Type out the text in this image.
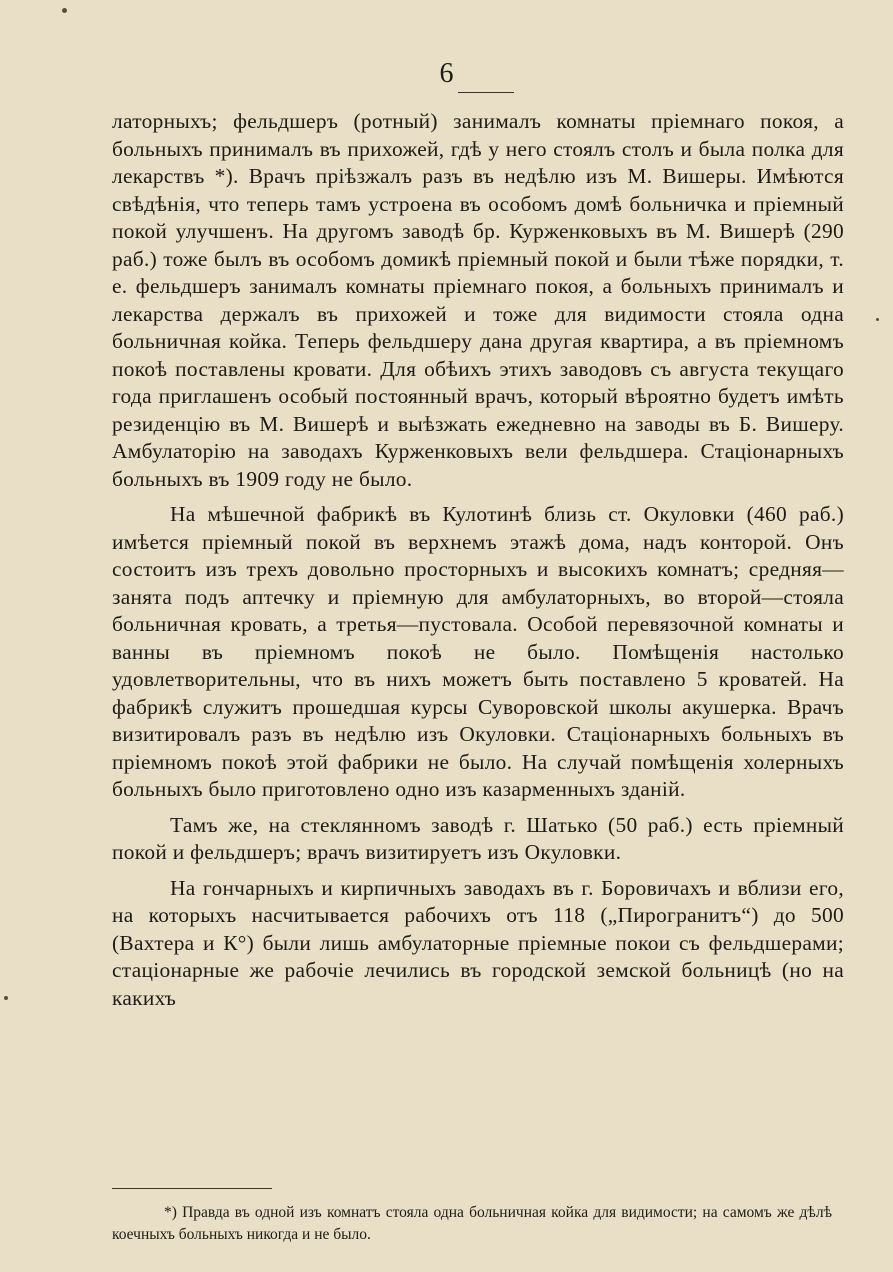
6

латорныхъ; фельдшеръ (ротный) занималъ комнаты пріемнаго покоя, а больныхъ принималъ въ прихожей, гдѣ у него стоялъ столъ и была полка для лекарствъ *). Врачъ пріѣзжалъ разъ въ недѣлю изъ М. Вишеры. Имѣются свѣдѣнія, что теперь тамъ устроена въ особомъ домѣ больничка и пріемный покой улучшенъ. На другомъ заводѣ бр. Курженковыхъ въ М. Вишерѣ (290 раб.) тоже былъ въ особомъ домикѣ пріемный покой и были тѣже порядки, т. е. фельдшеръ занималъ комнаты пріемнаго покоя, а больныхъ принималъ и лекарства держалъ въ прихожей и тоже для видимости стояла одна больничная койка. Теперь фельдшеру дана другая квартира, а въ пріемномъ покоѣ поставлены кровати. Для обѣихъ этихъ заводовъ съ августа текущаго года приглашенъ особый постоянный врачъ, который вѣроятно будетъ имѣть резиденцію въ М. Вишерѣ и выѣзжать ежедневно на заводы въ Б. Вишеру. Амбулаторію на заводахъ Курженковыхъ вели фельдшера. Стаціонарныхъ больныхъ въ 1909 году не было.

На мѣшечной фабрикѣ въ Кулотинѣ близь ст. Окуловки (460 раб.) имѣется пріемный покой въ верхнемъ этажѣ дома, надъ конторой. Онъ состоитъ изъ трехъ довольно просторныхъ и высокихъ комнатъ; средняя—занята подъ аптечку и пріемную для амбулаторныхъ, во второй—стояла больничная кровать, а третья—пустовала. Особой перевязочной комнаты и ванны въ пріемномъ покоѣ не было. Помѣщенія настолько удовлетворительны, что въ нихъ можетъ быть поставлено 5 кроватей. На фабрикѣ служитъ прошедшая курсы Суворовской школы акушерка. Врачъ визитировалъ разъ въ недѣлю изъ Окуловки. Стаціонарныхъ больныхъ въ пріемномъ покоѣ этой фабрики не было. На случай помѣщенія холерныхъ больныхъ было приготовлено одно изъ казарменныхъ зданій.

Тамъ же, на стеклянномъ заводѣ г. Шатько (50 раб.) есть пріемный покой и фельдшеръ; врачъ визитируетъ изъ Окуловки.

На гончарныхъ и кирпичныхъ заводахъ въ г. Боровичахъ и вблизи его, на которыхъ насчитывается рабочихъ отъ 118 („Пирогранитъ“) до 500 (Вахтера и К°) были лишь амбулаторные пріемные покои съ фельдшерами; стаціонарные же рабочіе лечились въ городской земской больницѣ (но на какихъ

*) Правда въ одной изъ комнатъ стояла одна больничная койка для видимости; на самомъ же дѣлѣ коечныхъ больныхъ никогда и не было.
